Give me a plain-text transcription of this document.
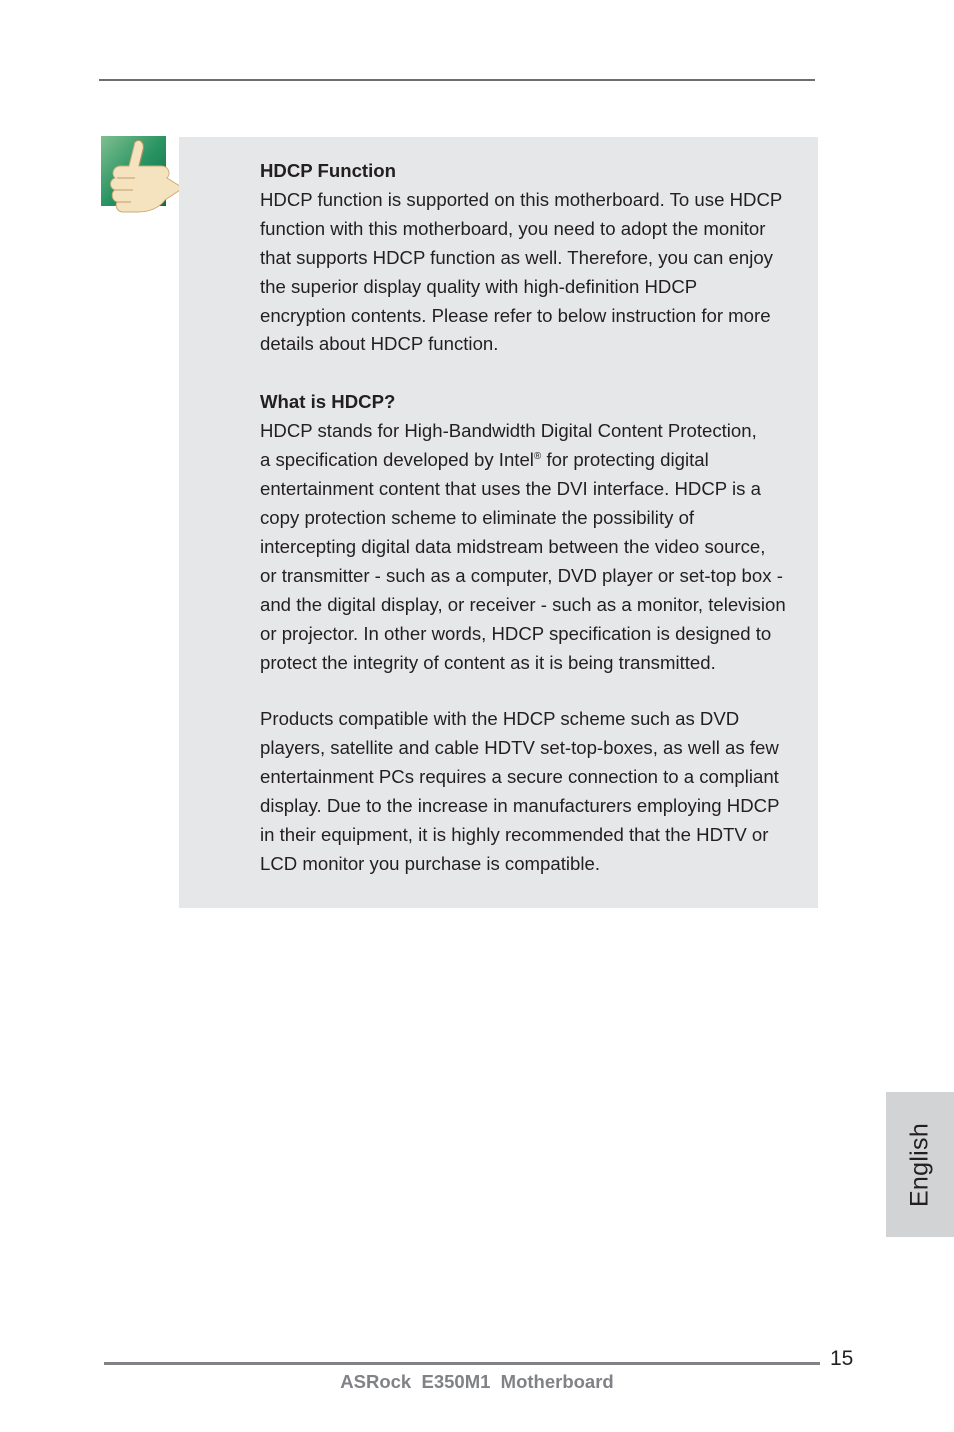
HDCP Function

HDCP function is supported on this motherboard. To use HDCP
function with this motherboard, you need to adopt the monitor
that supports HDCP function as well. Therefore, you can enjoy
the superior display quality with high-definition HDCP
encryption contents. Please refer to below instruction for more
details about HDCP function.

What is HDCP?

HDCP stands for High-Bandwidth Digital Content Protection,
a specification developed by Intel® for protecting digital
entertainment content that uses the DVI interface. HDCP is a
copy protection scheme to eliminate the possibility of
intercepting digital data midstream between the video source,
or transmitter - such as a computer, DVD player or set-top box -
and the digital display, or receiver - such as a monitor, television
or projector. In other words, HDCP specification is designed to
protect the integrity of content as it is being transmitted.

Products compatible with the HDCP scheme such as DVD
players, satellite and cable HDTV set-top-boxes, as well as few
entertainment PCs requires a secure connection to a compliant
display. Due to the increase in manufacturers employing HDCP
in their equipment, it is highly recommended that the HDTV or
LCD monitor you purchase is compatible.

English
15
ASRock  E350M1  Motherboard
